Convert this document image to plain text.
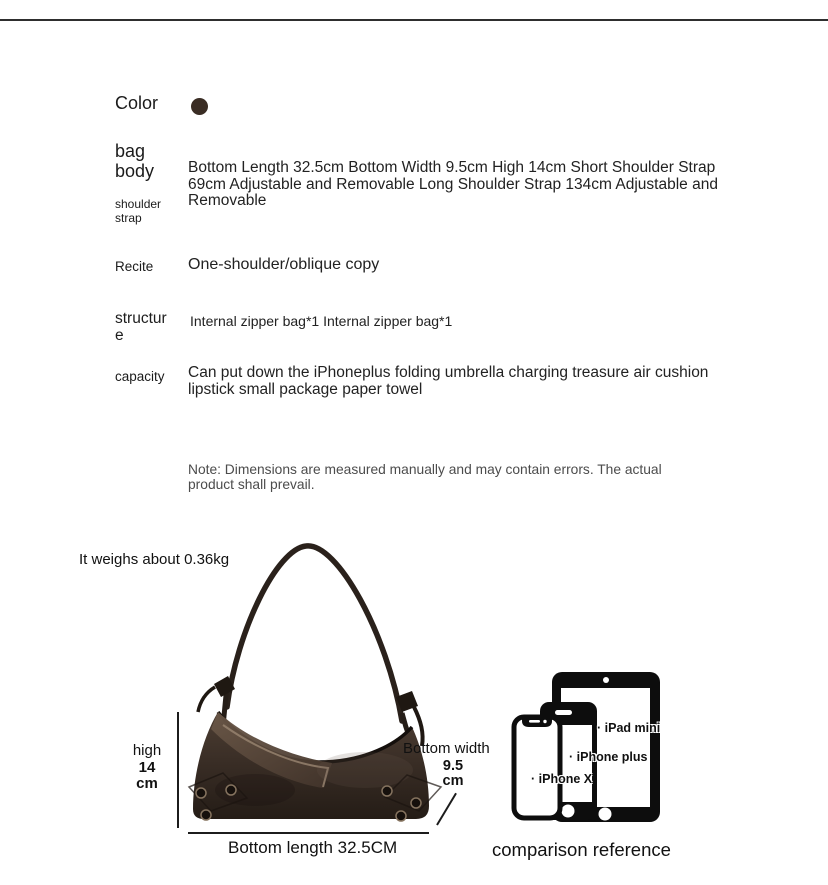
Color
bag body
shoulder strap
Bottom Length 32.5cm Bottom Width 9.5cm High 14cm Short Shoulder Strap 69cm Adjustable and Removable Long Shoulder Strap 134cm Adjustable and Removable
Recite One-shoulder/oblique copy
structure
Internal zipper bag*1 Internal zipper bag*1
capacity Can put down the iPhoneplus folding umbrella charging treasure air cushion lipstick small package paper towel
Note: Dimensions are measured manually and may contain errors. The actual product shall prevail.
It weighs about 0.36kg
high
14
cm
Bottom width
9.5
cm
Bottom length 32.5CM
· iPad mini
· iPhone plus
· iPhone X
comparison reference
